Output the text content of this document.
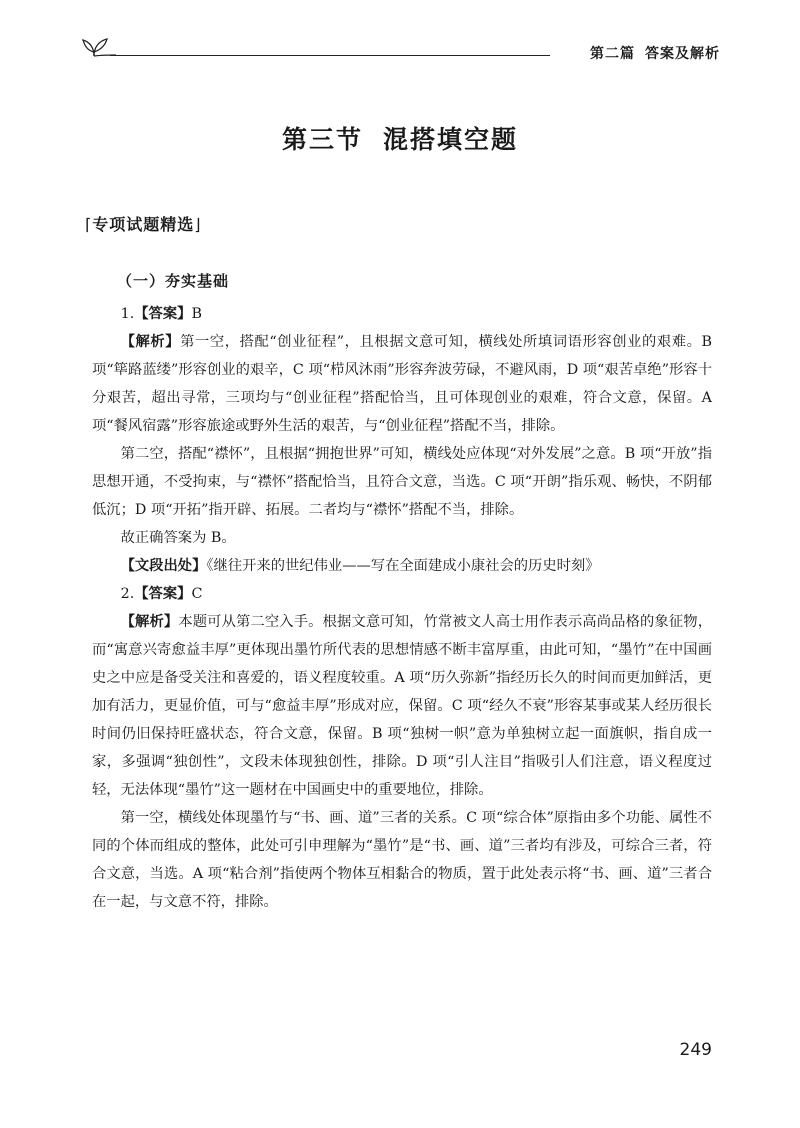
第二篇 答案及解析
第三节 混搭填空题
⌈专项试题精选⌋
（一）夯实基础

1.【答案】B

【解析】第一空，搭配“创业征程”，且根据文意可知，横线处所填词语形容创业的艰难。B 项“筚路蓝缕”形容创业的艰辛，C 项“栉风沐雨”形容奔波劳碌，不避风雨，D 项“艰苦卓绝”形容十分艰苦，超出寻常，三项均与“创业征程”搭配恰当，且可体现创业的艰难，符合文意，保留。A 项“餐风宿露”形容旅途或野外生活的艰苦，与“创业征程”搭配不当，排除。

第二空，搭配“襟怀”，且根据“拥抱世界”可知，横线处应体现“对外发展”之意。B 项“开放”指思想开通，不受拘束，与“襟怀”搭配恰当，且符合文意，当选。C 项“开朗”指乐观、畅快，不阴郁低沉；D 项“开拓”指开辟、拓展。二者均与“襟怀”搭配不当，排除。

故正确答案为 B。

【文段出处】《继往开来的世纪伟业——写在全面建成小康社会的历史时刻》

2.【答案】C

【解析】本题可从第二空入手。根据文意可知，竹常被文人高士用作表示高尚品格的象征物，而“寓意兴寄愈益丰厚”更体现出墨竹所代表的思想情感不断丰富厚重，由此可知，“墨竹”在中国画史之中应是备受关注和喜爱的，语义程度较重。A 项“历久弥新”指经历长久的时间而更加鲜活，更加有活力，更显价值，可与“愈益丰厚”形成对应，保留。C 项“经久不衰”形容某事或某人经历很长时间仍旧保持旺盛状态，符合文意，保留。B 项“独树一帜”意为单独树立起一面旗帜，指自成一家，多强调“独创性”，文段未体现独创性，排除。D 项“引人注目”指吸引人们注意，语义程度过轻，无法体现“墨竹”这一题材在中国画史中的重要地位，排除。

第一空，横线处体现墨竹与“书、画、道”三者的关系。C 项“综合体”原指由多个功能、属性不同的个体而组成的整体，此处可引申理解为“墨竹”是“书、画、道”三者均有涉及，可综合三者，符合文意，当选。A 项“粘合剂”指使两个物体互相黏合的物质，置于此处表示将“书、画、道”三者合在一起，与文意不符，排除。

249
